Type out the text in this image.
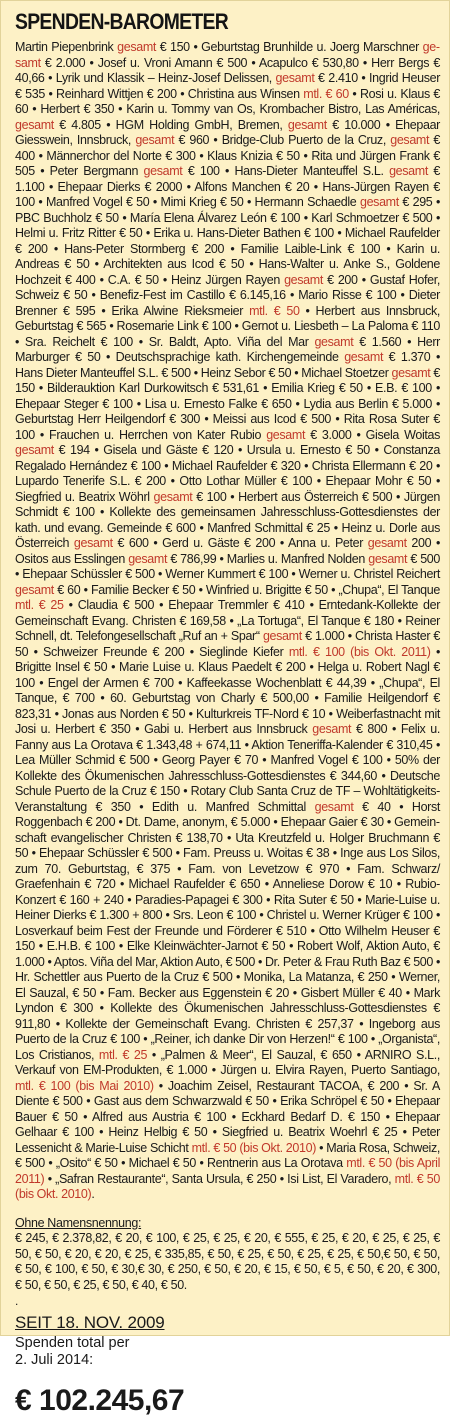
SPENDEN-BAROMETER
Martin Piepenbrink gesamt € 150 • Geburtstag Brunhilde u. Joerg Marschner gesamt € 2.000 • Josef u. Vroni Amann € 500 • Acapulco € 530,80 • Herr Bergs € 40,66 • Lyrik und Klassik – Heinz-Josef Delissen, gesamt € 2.410 • Ingrid Heuser € 535 • Reinhard Wittjen € 200 • Christina aus Winsen mtl. € 60 • Rosi u. Klaus € 60 • Herbert € 350 • Karin u. Tommy van Os, Krombacher Bistro, Las Américas, gesamt € 4.805 • HGM Holding GmbH, Bremen, gesamt € 10.000 • Ehepaar Giesswein, Innsbruck, gesamt € 960 • Bridge-Club Puerto de la Cruz, gesamt € 400 • Männerchor del Norte € 300 • Klaus Knizia € 50 • Rita und Jürgen Frank € 505 • Peter Bergmann gesamt € 100 • Hans-Dieter Manteuffel S.L. gesamt € 1.100 • Ehepaar Dierks € 2000 • Alfons Manchen € 20 • Hans-Jürgen Rayen € 100 • Manfred Vogel € 50 • Mimi Krieg € 50 • Hermann Schaedle gesamt € 295 • PBC Buchholz € 50 • María Elena Álvarez León € 100 • Karl Schmoetzer € 500 • Helmi u. Fritz Ritter € 50 • Erika u. Hans-Dieter Bathen € 100 • Michael Raufelder € 200 • Hans-Peter Stormberg € 200 • Familie Laible-Link € 100 • Karin u. Andreas € 50 • Architekten aus Icod € 50 • Hans-Walter u. Anke S., Goldene Hochzeit € 400 • C.A. € 50 • Heinz Jürgen Rayen gesamt € 200 • Gustaf Hofer, Schweiz € 50 • Benefiz-Fest im Castillo € 6.145,16 • Mario Risse € 100 • Dieter Brenner € 595 • Erika Alwine Rieksmeier mtl. € 50 • Herbert aus Innsbruck, Geburtstag € 565 • Rosemarie Link € 100 • Gernot u. Liesbeth – La Paloma € 110 • Sra. Reichelt € 100 • Sr. Baldt, Apto. Viña del Mar gesamt € 1.560 • Herr Marburger € 50 • Deutschsprachige kath. Kirchengemeinde gesamt € 1.370 • Hans Dieter Manteuffel S.L. € 500 • Heinz Sebor € 50 • Michael Stoetzer gesamt € 150 • Bilderauktion Karl Durkowitsch € 531,61 • Emilia Krieg € 50 • E.B. € 100 • Ehepaar Steger € 100 • Lisa u. Ernesto Falke € 650 • Lydia aus Berlin € 5.000 • Geburtstag Herr Heilgendorf € 300 • Meissi aus Icod € 500 • Rita Rosa Suter € 100 • Frauchen u. Herrchen von Kater Rubio gesamt € 3.000 • Gisela Woitas gesamt € 194 • Gisela und Gäste € 120 • Ursula u. Ernesto € 50 • Constanza Regalado Hernández € 100 • Michael Raufelder € 320 • Christa Ellermann € 20 • Lupardo Tenerife S.L. € 200 • Otto Lothar Müller € 100 • Ehepaar Mohr € 50 • Siegfried u. Beatrix Wöhrl gesamt € 100 • Herbert aus Österreich € 500 • Jürgen Schmidt € 100 • Kollekte des gemeinsamen Jahresschluss-Gottesdienstes der kath. und evang. Gemeinde € 600 • Manfred Schmittal € 25 • Heinz u. Dorle aus Österreich gesamt € 600 • Gerd u. Gäste € 200 • Anna u. Peter gesamt 200 • Ositos aus Esslingen gesamt € 786,99 • Marlies u. Manfred Nolden gesamt € 500 • Ehepaar Schüssler € 500 • Werner Kummert € 100 • Werner u. Christel Reichert gesamt € 60 • Familie Becker € 50 • Winfried u. Brigitte € 50 • „Chupa“, El Tanque mtl. € 25 • Claudia € 500 • Ehepaar Tremmler € 410 • Erntedank-Kollekte der Gemeinschaft Evang. Christen € 169,58 • „La Tortuga“, El Tanque € 180 • Reiner Schnell, dt. Telefongesellschaft „Ruf an + Spar“ gesamt € 1.000 • Christa Haster € 50 • Schweizer Freunde € 200 • Sieglinde Kiefer mtl. € 100 (bis Okt. 2011) • Brigitte Insel € 50 • Marie Luise u. Klaus Paedelt € 200 • Helga u. Robert Nagl € 100 • Engel der Armen € 700 • Kaffeekasse Wochenblatt € 44,39 • „Chupa“, El Tanque, € 700 • 60. Geburtstag von Charly € 500,00 • Familie Heilgendorf € 823,31 • Jonas aus Norden € 50 • Kulturkreis TF-Nord € 10 • Weiberfastnacht mit Josi u. Herbert € 350 • Gabi u. Herbert aus Innsbruck gesamt € 800 • Felix u. Fanny aus La Orotava € 1.343,48 + 674,11 • Aktion Teneriffa-Kalender € 310,45 • Lea Müller Schmid € 500 • Georg Payer € 70 • Manfred Vogel € 100 • 50% der Kollekte des Ökumenischen Jahresschluss-Gottesdienstes € 344,60 • Deutsche Schule Puerto de la Cruz € 150 • Rotary Club Santa Cruz de TF – Wohltätigkeits-Veranstaltung € 350 • Edith u. Manfred Schmittal gesamt € 40 • Horst Roggenbach € 200 • Dt. Dame, anonym, € 5.000 • Ehepaar Gaier € 30 • Gemeinschaft evangelischer Christen € 138,70 • Uta Kreutzfeld u. Holger Bruchmann € 50 • Ehepaar Schüssler € 500 • Fam. Preuss u. Woitas € 38 • Inge aus Los Silos, zum 70. Geburtstag, € 375 • Fam. von Levetzow € 970 • Fam. Schwarz/ Graefenhain € 720 • Michael Raufelder € 650 • Anneliese Dorow € 10 • Rubio-Konzert € 160 + 240 • Paradies-Papagei € 300 • Rita Suter € 50 • Marie-Luise u. Heiner Dierks € 1.300 + 800 • Srs. Leon € 100 • Christel u. Werner Krüger € 100 • Losverkauf beim Fest der Freunde und Förderer € 510 • Otto Wilhelm Heuser € 150 • E.H.B. € 100 • Elke Kleinwächter-Jarnot € 50 • Robert Wolf, Aktion Auto, € 1.000 • Aptos. Viña del Mar, Aktion Auto, € 500 • Dr. Peter & Frau Ruth Baz € 500 • Hr. Schettler aus Puerto de la Cruz € 500 • Monika, La Matanza, € 250 • Werner, El Sauzal, € 50 • Fam. Becker aus Eggenstein € 20 • Gisbert Müller € 40 • Mark Lyndon € 300 • Kollekte des Ökumenischen Jahresschluss-Gottesdienstes € 911,80 • Kollekte der Gemeinschaft Evang. Christen € 257,37 • Ingeborg aus Puerto de la Cruz € 100 • „Reiner, ich danke Dir von Herzen!“ € 100 • „Organista“, Los Cristianos, mtl. € 25 • „Palmen & Meer“, El Sauzal, € 650 • ARNIRO S.L., Verkauf von EM-Produkten, € 1.000 • Jürgen u. Elvira Rayen, Puerto Santiago, mtl. € 100 (bis Mai 2010) • Joachim Zeisel, Restaurant TACOA, € 200 • Sr. A Diente € 500 • Gast aus dem Schwarzwald € 50 • Erika Schröpel € 50 • Ehepaar Bauer € 50 • Alfred aus Austria € 100 • Eckhard Bedarf D. € 150 • Ehepaar Gelhaar € 100 • Heinz Helbig € 50 • Siegfried u. Beatrix Woehrl € 25 • Peter Lessenicht & Marie-Luise Schicht mtl. € 50 (bis Okt. 2010) • Maria Rosa, Schweiz, € 500 • „Osito“ € 50 • Michael € 50 • Rentnerin aus La Orotava mtl. € 50 (bis April 2011) • „Safran Restaurante“, Santa Ursula, € 250 • Isi List, El Varadero, mtl. € 50 (bis Okt. 2010).
Ohne Namensnennung:
€ 245, € 2.378,82, € 20, € 100, € 25, € 25, € 20, € 555, € 25, € 20, € 25, € 25, € 50, € 50, € 20, € 20, € 25, € 335,85, € 50, € 25, € 50, € 25, € 25, € 50,€ 50, € 50, € 50, € 100, € 50, € 30,€ 30, € 250, € 50, € 20, € 15, € 50, € 5, € 50, € 20, € 300, € 50, € 50, € 25, € 50, € 40, € 50.
.
SEIT 18. NOV. 2009
Spenden total per
2. Juli 2014:
€ 102.245,67
